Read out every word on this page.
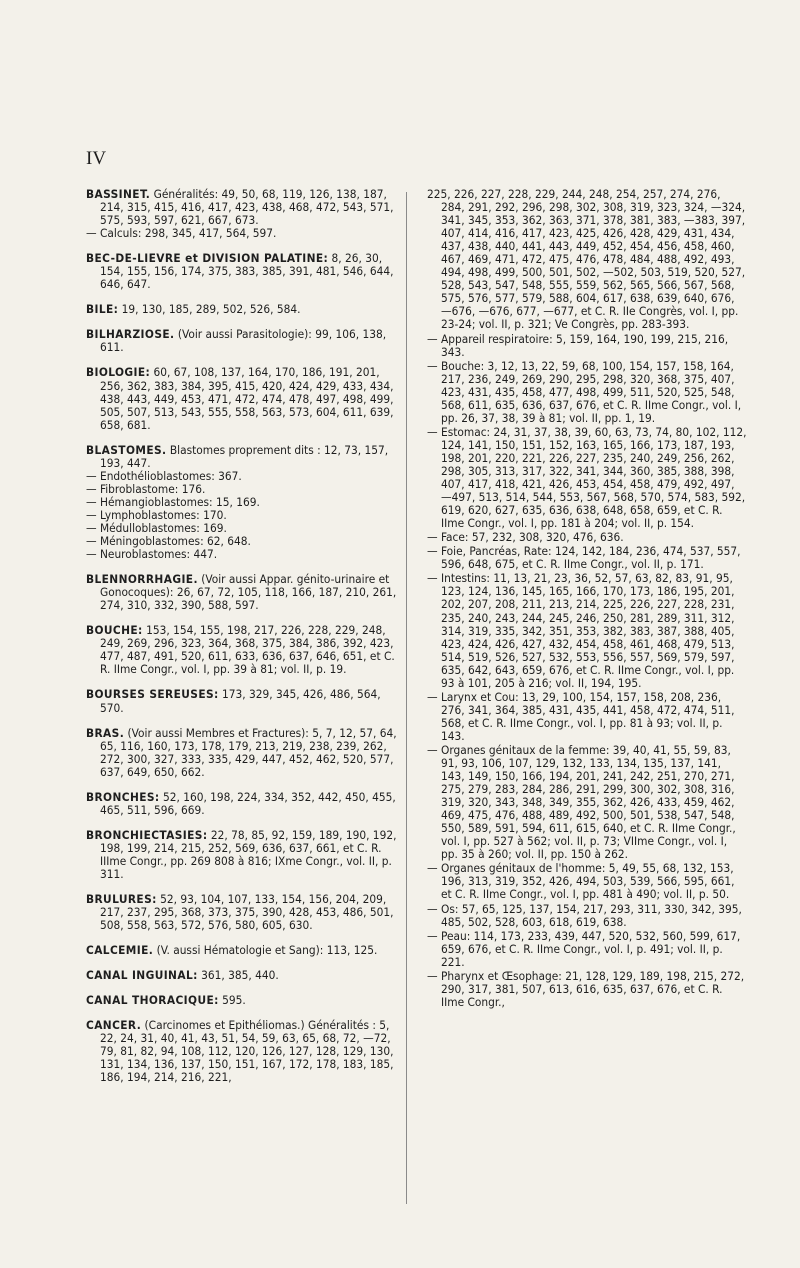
IV
BASSINET. Généralités: 49, 50, 68, 119, 126, 138, 187, 214, 315, 415, 416, 417, 423, 438, 468, 472, 543, 571, 575, 593, 597, 621, 667, 673.
— Calculs: 298, 345, 417, 564, 597.
BEC-DE-LIEVRE et DIVISION PALATINE: 8, 26, 30, 154, 155, 156, 174, 375, 383, 385, 391, 481, 546, 644, 646, 647.
BILE: 19, 130, 185, 289, 502, 526, 584.
BILHARZIOSE. (Voir aussi Parasitologie): 99, 106, 138, 611.
BIOLOGIE: 60, 67, 108, 137, 164, 170, 186, 191, 201, 256, 362, 383, 384, 395, 415, 420, 424, 429, 433, 434, 438, 443, 449, 453, 471, 472, 474, 478, 497, 498, 499, 505, 507, 513, 543, 555, 558, 563, 573, 604, 611, 639, 658, 681.
BLASTOMES. Blastomes proprement dits : 12, 73, 157, 193, 447.
— Endothélioblastomes: 367.
— Fibroblastome: 176.
— Hémangioblastomes: 15, 169.
— Lymphoblastomes: 170.
— Médulloblastomes: 169.
— Méningoblastomes: 62, 648.
— Neuroblastomes: 447.
BLENNORRHAGIE. (Voir aussi Appar. génito-urinaire et Gonocoques): 26, 67, 72, 105, 118, 166, 187, 210, 261, 274, 310, 332, 390, 588, 597.
BOUCHE: 153, 154, 155, 198, 217, 226, 228, 229, 248, 249, 269, 296, 323, 364, 368, 375, 384, 386, 392, 423, 477, 487, 491, 520, 611, 633, 636, 637, 646, 651, et C. R. IIme Congr., vol. I, pp. 39 à 81; vol. II, p. 19.
BOURSES SEREUSES: 173, 329, 345, 426, 486, 564, 570.
BRAS. (Voir aussi Membres et Fractures): 5, 7, 12, 57, 64, 65, 116, 160, 173, 178, 179, 213, 219, 238, 239, 262, 272, 300, 327, 333, 335, 429, 447, 452, 462, 520, 577, 637, 649, 650, 662.
BRONCHES: 52, 160, 198, 224, 334, 352, 442, 450, 455, 465, 511, 596, 669.
BRONCHIECTASIES: 22, 78, 85, 92, 159, 189, 190, 192, 198, 199, 214, 215, 252, 569, 636, 637, 661, et C. R. IIIme Congr., pp. 269 808 à 816; IXme Congr., vol. II, p. 311.
BRULURES: 52, 93, 104, 107, 133, 154, 156, 204, 209, 217, 237, 295, 368, 373, 375, 390, 428, 453, 486, 501, 508, 558, 563, 572, 576, 580, 605, 630.
CALCEMIE. (V. aussi Hématologie et Sang): 113, 125.
CANAL INGUINAL: 361, 385, 440.
CANAL THORACIQUE: 595.
CANCER. (Carcinomes et Epithéliomas.) Généralités : 5, 22, 24, 31, 40, 41, 43, 51, 54, 59, 63, 65, 68, 72, —72, 79, 81, 82, 94, 108, 112, 120, 126, 127, 128, 129, 130, 131, 134, 136, 137, 150, 151, 167, 172, 178, 183, 185, 186, 194, 214, 216, 221,
225, 226, 227, 228, 229, 244, 248, 254, 257, 274, 276, 284, 291, 292, 296, 298, 302, 308, 319, 323, 324, —324, 341, 345, 353, 362, 363, 371, 378, 381, 383, —383, 397, 407, 414, 416, 417, 423, 425, 426, 428, 429, 431, 434, 437, 438, 440, 441, 443, 449, 452, 454, 456, 458, 460, 467, 469, 471, 472, 475, 476, 478, 484, 488, 492, 493, 494, 498, 499, 500, 501, 502, —502, 503, 519, 520, 527, 528, 543, 547, 548, 555, 559, 562, 565, 566, 567, 568, 575, 576, 577, 579, 588, 604, 617, 638, 639, 640, 676, —676, —676, 677, —677, et C. R. IIe Congrès, vol. I, pp. 23-24; vol. II, p. 321; Ve Congrès, pp. 283-393.
— Appareil respiratoire: 5, 159, 164, 190, 199, 215, 216, 343.
— Bouche: 3, 12, 13, 22, 59, 68, 100, 154, 157, 158, 164, 217, 236, 249, 269, 290, 295, 298, 320, 368, 375, 407, 423, 431, 435, 458, 477, 498, 499, 511, 520, 525, 548, 568, 611, 635, 636, 637, 676, et C. R. IIme Congr., vol. I, pp. 26, 37, 38, 39 à 81; vol. II, pp. 1, 19.
— Estomac: 24, 31, 37, 38, 39, 60, 63, 73, 74, 80, 102, 112, 124, 141, 150, 151, 152, 163, 165, 166, 173, 187, 193, 198, 201, 220, 221, 226, 227, 235, 240, 249, 256, 262, 298, 305, 313, 317, 322, 341, 344, 360, 385, 388, 398, 407, 417, 418, 421, 426, 453, 454, 458, 479, 492, 497, —497, 513, 514, 544, 553, 567, 568, 570, 574, 583, 592, 619, 620, 627, 635, 636, 638, 648, 658, 659, et C. R. IIme Congr., vol. I, pp. 181 à 204; vol. II, p. 154.
— Face: 57, 232, 308, 320, 476, 636.
— Foie, Pancréas, Rate: 124, 142, 184, 236, 474, 537, 557, 596, 648, 675, et C. R. IIme Congr., vol. II, p. 171.
— Intestins: 11, 13, 21, 23, 36, 52, 57, 63, 82, 83, 91, 95, 123, 124, 136, 145, 165, 166, 170, 173, 186, 195, 201, 202, 207, 208, 211, 213, 214, 225, 226, 227, 228, 231, 235, 240, 243, 244, 245, 246, 250, 281, 289, 311, 312, 314, 319, 335, 342, 351, 353, 382, 383, 387, 388, 405, 423, 424, 426, 427, 432, 454, 458, 461, 468, 479, 513, 514, 519, 526, 527, 532, 553, 556, 557, 569, 579, 597, 635, 642, 643, 659, 676, et C. R. IIme Congr., vol. I, pp. 93 à 101, 205 à 216; vol. II, 194, 195.
— Larynx et Cou: 13, 29, 100, 154, 157, 158, 208, 236, 276, 341, 364, 385, 431, 435, 441, 458, 472, 474, 511, 568, et C. R. IIme Congr., vol. I, pp. 81 à 93; vol. II, p. 143.
— Organes génitaux de la femme: 39, 40, 41, 55, 59, 83, 91, 93, 106, 107, 129, 132, 133, 134, 135, 137, 141, 143, 149, 150, 166, 194, 201, 241, 242, 251, 270, 271, 275, 279, 283, 284, 286, 291, 299, 300, 302, 308, 316, 319, 320, 343, 348, 349, 355, 362, 426, 433, 459, 462, 469, 475, 476, 488, 489, 492, 500, 501, 538, 547, 548, 550, 589, 591, 594, 611, 615, 640, et C. R. IIme Congr., vol. I, pp. 527 à 562; vol. II, p. 73; VIIme Congr., vol. I, pp. 35 à 260; vol. II, pp. 150 à 262.
— Organes génitaux de l'homme: 5, 49, 55, 68, 132, 153, 196, 313, 319, 352, 426, 494, 503, 539, 566, 595, 661, et C. R. IIme Congr., vol. I, pp. 481 à 490; vol. II, p. 50.
— Os: 57, 65, 125, 137, 154, 217, 293, 311, 330, 342, 395, 485, 502, 528, 603, 618, 619, 638.
— Peau: 114, 173, 233, 439, 447, 520, 532, 560, 599, 617, 659, 676, et C. R. IIme Congr., vol. I, p. 491; vol. II, p. 221.
— Pharynx et Œsophage: 21, 128, 129, 189, 198, 215, 272, 290, 317, 381, 507, 613, 616, 635, 637, 676, et C. R. IIme Congr.,
